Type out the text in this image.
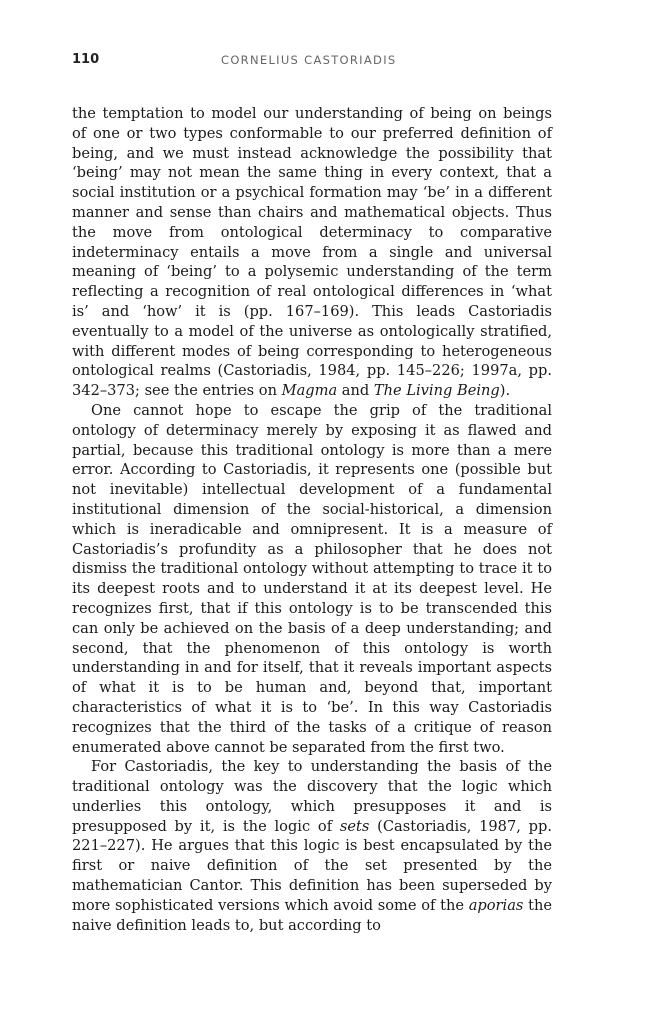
110	CORNELIUS CASTORIADIS

the temptation to model our understanding of being on beings of one or two types conformable to our preferred definition of being, and we must instead acknowledge the possibility that ‘being’ may not mean the same thing in every context, that a social institution or a psychical formation may ‘be’ in a different manner and sense than chairs and mathematical objects. Thus the move from ontological determinacy to comparative indeterminacy entails a move from a single and universal meaning of ‘being’ to a polysemic understanding of the term reflecting a recognition of real ontological differences in ‘what is’ and ‘how’ it is (pp. 167–169). This leads Castoriadis eventually to a model of the universe as ontologically stratified, with different modes of being corresponding to heterogeneous ontological realms (Castoriadis, 1984, pp. 145–226; 1997a, pp. 342–373; see the entries on Magma and The Living Being).

One cannot hope to escape the grip of the traditional ontology of determinacy merely by exposing it as flawed and partial, because this traditional ontology is more than a mere error. According to Castoriadis, it represents one (possible but not inevitable) intellectual development of a fundamental institutional dimension of the social-historical, a dimension which is ineradicable and omnipresent. It is a measure of Castoriadis’s profundity as a philosopher that he does not dismiss the traditional ontology without attempting to trace it to its deepest roots and to understand it at its deepest level. He recognizes first, that if this ontology is to be transcended this can only be achieved on the basis of a deep understanding; and second, that the phenomenon of this ontology is worth understanding in and for itself, that it reveals important aspects of what it is to be human and, beyond that, important characteristics of what it is to ‘be’. In this way Castoriadis recognizes that the third of the tasks of a critique of reason enumerated above cannot be separated from the first two.

For Castoriadis, the key to understanding the basis of the traditional ontology was the discovery that the logic which underlies this ontology, which presupposes it and is presupposed by it, is the logic of sets (Castoriadis, 1987, pp. 221–227). He argues that this logic is best encapsulated by the first or naive definition of the set presented by the mathematician Cantor. This definition has been superseded by more sophisticated versions which avoid some of the aporias the naive definition leads to, but according to
